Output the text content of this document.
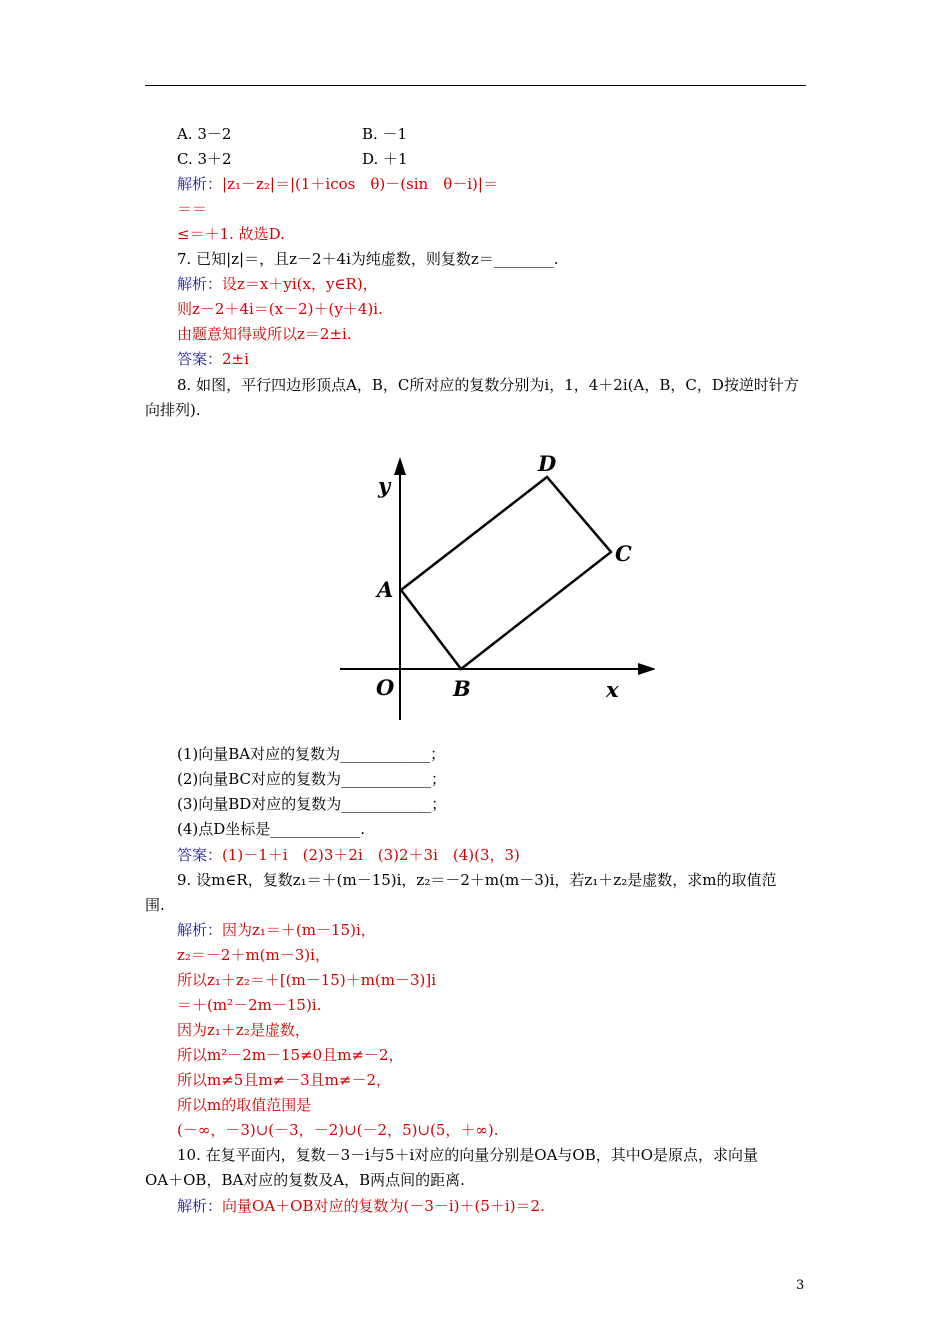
A. 3－2	B. －1
C. 3＋2	D. ＋1
解析：|z₁－z₂|＝|(1＋icos　θ)－(sin　θ－i)|＝
＝＝
≤＝＋1. 故选D.
7. 已知|z|＝，且z－2＋4i为纯虚数，则复数z＝________.
解析：设z＝x＋yi(x，y∈R)，
则z－2＋4i＝(x－2)＋(y＋4)i.
由题意知得或所以z＝2±i.
答案：2±i
8. 如图，平行四边形顶点A，B，C所对应的复数分别为i，1，4＋2i(A，B，C，D按逆时针方
向排列).
y
x
O
A
B
C
D
(1)向量BA对应的复数为____________；
(2)向量BC对应的复数为____________；
(3)向量BD对应的复数为____________；
(4)点D坐标是____________.
答案：(1)－1＋i　(2)3＋2i　(3)2＋3i　(4)(3，3)
9. 设m∈R，复数z₁＝＋(m－15)i，z₂＝－2＋m(m－3)i，若z₁＋z₂是虚数，求m的取值范
围.
解析：因为z₁＝＋(m－15)i，
z₂＝－2＋m(m－3)i，
所以z₁＋z₂＝＋[(m－15)＋m(m－3)]i
＝＋(m²－2m－15)i.
因为z₁＋z₂是虚数，
所以m²－2m－15≠0且m≠－2，
所以m≠5且m≠－3且m≠－2，
所以m的取值范围是
(－∞，－3)∪(－3，－2)∪(－2，5)∪(5，＋∞).
10. 在复平面内，复数－3－i与5＋i对应的向量分别是OA与OB，其中O是原点，求向量
OA＋OB，BA对应的复数及A，B两点间的距离.
解析：向量OA＋OB对应的复数为(－3－i)＋(5＋i)＝2.
3
